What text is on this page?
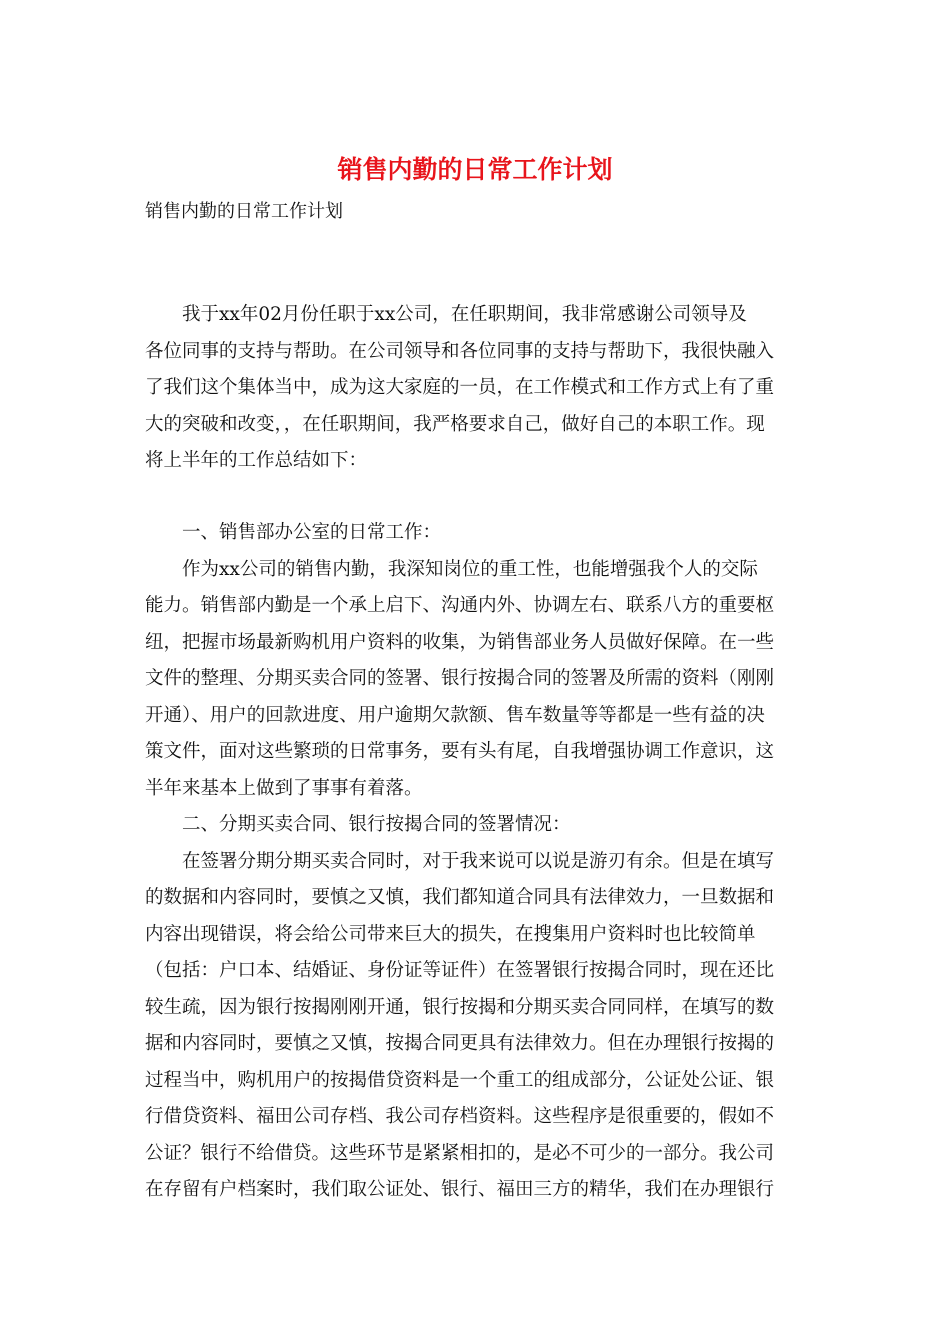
销售内勤的日常工作计划

销售内勤的日常工作计划

　　我于xx年02月份任职于xx公司，在任职期间，我非常感谢公司领导及
各位同事的支持与帮助。在公司领导和各位同事的支持与帮助下，我很快融入
了我们这个集体当中，成为这大家庭的一员，在工作模式和工作方式上有了重
大的突破和改变，，在任职期间，我严格要求自己，做好自己的本职工作。现
将上半年的工作总结如下：
　　一、销售部办公室的日常工作：
　　作为xx公司的销售内勤，我深知岗位的重工性，也能增强我个人的交际
能力。销售部内勤是一个承上启下、沟通内外、协调左右、联系八方的重要枢
纽，把握市场最新购机用户资料的收集，为销售部业务人员做好保障。在一些
文件的整理、分期买卖合同的签署、银行按揭合同的签署及所需的资料（刚刚
开通）、用户的回款进度、用户逾期欠款额、售车数量等等都是一些有益的决
策文件，面对这些繁琐的日常事务，要有头有尾，自我增强协调工作意识，这
半年来基本上做到了事事有着落。
　　二、分期买卖合同、银行按揭合同的签署情况：
　　在签署分期分期买卖合同时，对于我来说可以说是游刃有余。但是在填写
的数据和内容同时，要慎之又慎，我们都知道合同具有法律效力，一旦数据和
内容出现错误，将会给公司带来巨大的损失，在搜集用户资料时也比较简单
（包括：户口本、结婚证、身份证等证件）在签署银行按揭合同时，现在还比
较生疏，因为银行按揭刚刚开通，银行按揭和分期买卖合同同样，在填写的数
据和内容同时，要慎之又慎，按揭合同更具有法律效力。但在办理银行按揭的
过程当中，购机用户的按揭借贷资料是一个重工的组成部分，公证处公证、银
行借贷资料、福田公司存档、我公司存档资料。这些程序是很重要的，假如不
公证？银行不给借贷。这些环节是紧紧相扣的，是必不可少的一部分。我公司
在存留有户档案时，我们取公证处、银行、福田三方的精华，我们在办理银行
